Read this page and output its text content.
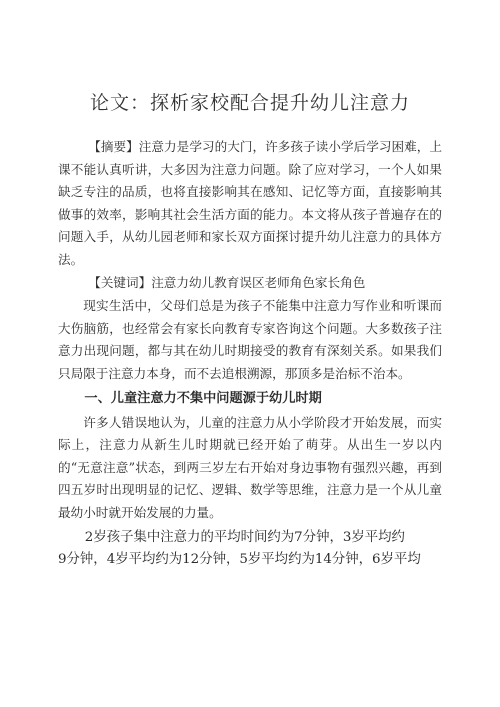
论文：探析家校配合提升幼儿注意力

【摘要】注意力是学习的大门，许多孩子读小学后学习困难，上课不能认真听讲，大多因为注意力问题。除了应对学习，一个人如果缺乏专注的品质，也将直接影响其在感知、记忆等方面，直接影响其做事的效率，影响其社会生活方面的能力。本文将从孩子普遍存在的问题入手，从幼儿园老师和家长双方面探讨提升幼儿注意力的具体方法。

【关键词】注意力幼儿教育误区老师角色家长角色

现实生活中，父母们总是为孩子不能集中注意力写作业和听课而大伤脑筋，也经常会有家长向教育专家咨询这个问题。大多数孩子注意力出现问题，都与其在幼儿时期接受的教育有深刻关系。如果我们只局限于注意力本身，而不去追根溯源，那顶多是治标不治本。

一、儿童注意力不集中问题源于幼儿时期

许多人错误地认为，儿童的注意力从小学阶段才开始发展，而实际上，注意力从新生儿时期就已经开始了萌芽。从出生一岁以内的“无意注意”状态，到两三岁左右开始对身边事物有强烈兴趣，再到四五岁时出现明显的记忆、逻辑、数学等思维，注意力是一个从儿童最幼小时就开始发展的力量。

2岁孩子集中注意力的平均时间约为7分钟，3岁平均约

9分钟，4岁平均约为12分钟，5岁平均约为14分钟，6岁平均
